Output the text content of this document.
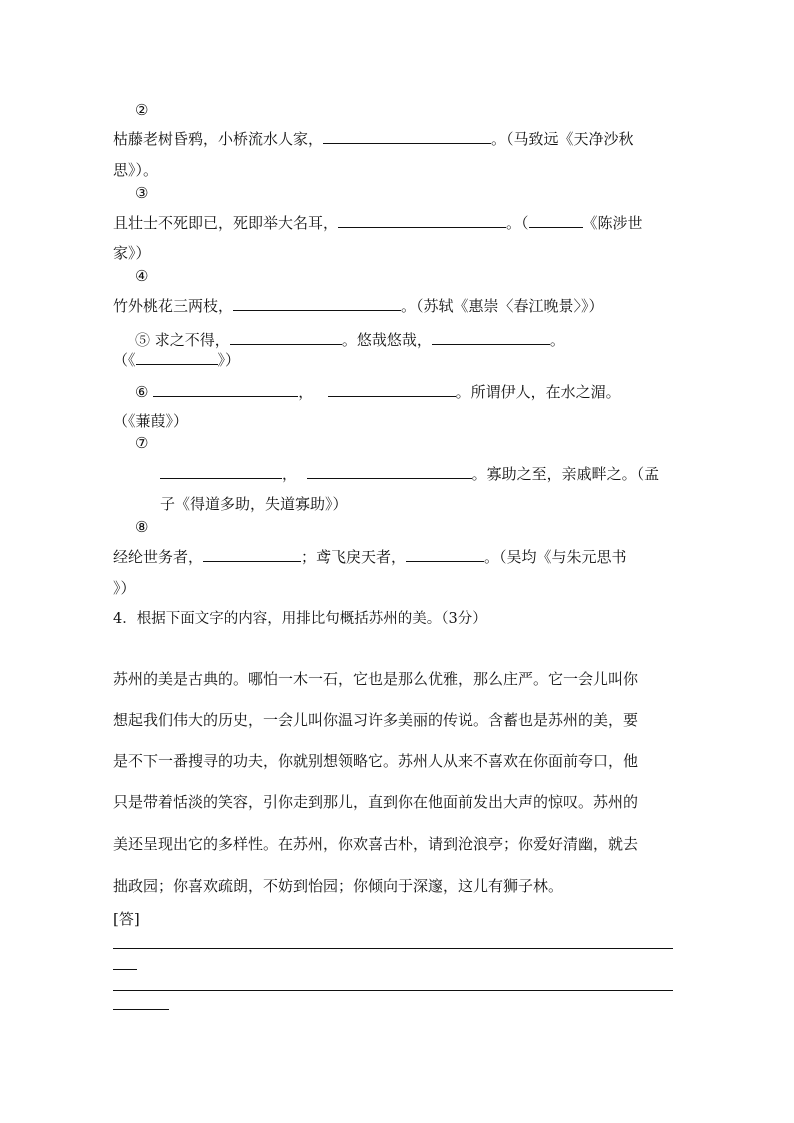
②
枯藤老树昏鸦，小桥流水人家，	。（马致远《天净沙秋
思》）。
③
且壮士不死即已，死即举大名耳，	。（	《陈涉世
家》）
④
竹外桃花三两枝，	。（苏轼《惠崇〈春江晚景〉》）
⑤ 求之不得，	。悠哉悠哉，	。
（《	》）
⑥	，	。所谓伊人，在水之湄。
（《蒹葭》）
⑦
，	。寡助之至，亲戚畔之。（孟
子《得道多助，失道寡助》）
⑧
经纶世务者，	；鸢飞戾天者，	。（吴均《与朱元思书
》）
4．根据下面文字的内容，用排比句概括苏州的美。（3分）
苏州的美是古典的。哪怕一木一石，它也是那么优雅，那么庄严。它一会儿叫你
想起我们伟大的历史，一会儿叫你温习许多美丽的传说。含蓄也是苏州的美，要
是不下一番搜寻的功夫，你就别想领略它。苏州人从来不喜欢在你面前夸口，他
只是带着恬淡的笑容，引你走到那儿，直到你在他面前发出大声的惊叹。苏州的
美还呈现出它的多样性。在苏州，你欢喜古朴，请到沧浪亭；你爱好清幽，就去
拙政园；你喜欢疏朗，不妨到怡园；你倾向于深邃，这儿有狮子林。
[答]
